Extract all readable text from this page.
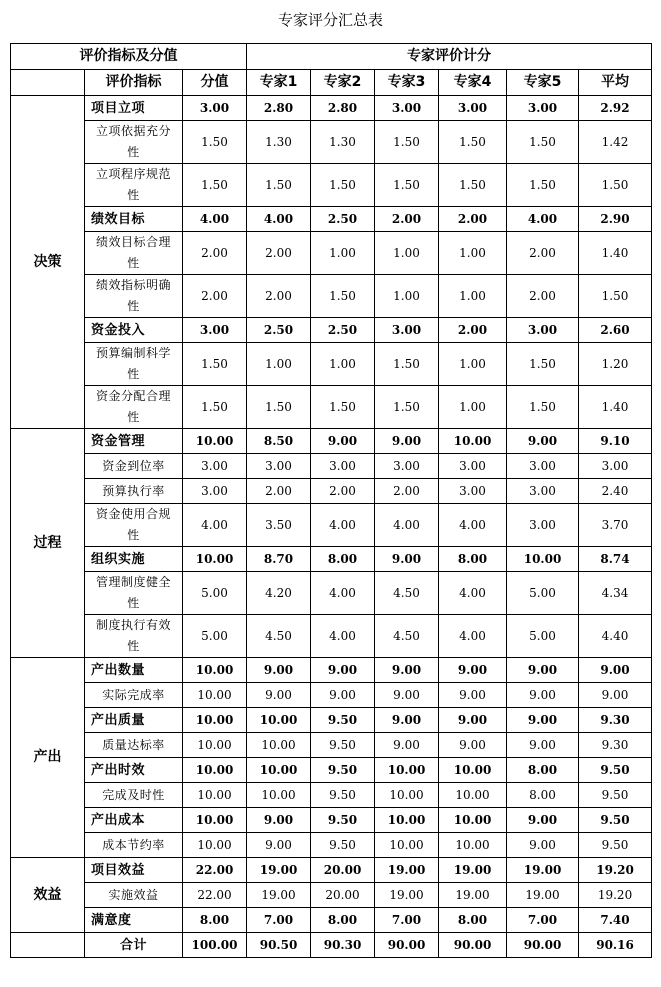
专家评分汇总表
评价指标及分值			专家评价计分					
	评价指标	分值	专家1	专家2	专家3	专家4	专家5	平均
决策	项目立项	3.00	2.80	2.80	3.00	3.00	3.00	2.92
	立项依据充分性	1.50	1.30	1.30	1.50	1.50	1.50	1.42
	立项程序规范性	1.50	1.50	1.50	1.50	1.50	1.50	1.50
	绩效目标	4.00	4.00	2.50	2.00	2.00	4.00	2.90
	绩效目标合理性	2.00	2.00	1.00	1.00	1.00	2.00	1.40
	绩效指标明确性	2.00	2.00	1.50	1.00	1.00	2.00	1.50
	资金投入	3.00	2.50	2.50	3.00	2.00	3.00	2.60
	预算编制科学性	1.50	1.00	1.00	1.50	1.00	1.50	1.20
	资金分配合理性	1.50	1.50	1.50	1.50	1.00	1.50	1.40
过程	资金管理	10.00	8.50	9.00	9.00	10.00	9.00	9.10
	资金到位率	3.00	3.00	3.00	3.00	3.00	3.00	3.00
	预算执行率	3.00	2.00	2.00	2.00	3.00	3.00	2.40
	资金使用合规性	4.00	3.50	4.00	4.00	4.00	3.00	3.70
	组织实施	10.00	8.70	8.00	9.00	8.00	10.00	8.74
	管理制度健全性	5.00	4.20	4.00	4.50	4.00	5.00	4.34
	制度执行有效性	5.00	4.50	4.00	4.50	4.00	5.00	4.40
产出	产出数量	10.00	9.00	9.00	9.00	9.00	9.00	9.00
	实际完成率	10.00	9.00	9.00	9.00	9.00	9.00	9.00
	产出质量	10.00	10.00	9.50	9.00	9.00	9.00	9.30
	质量达标率	10.00	10.00	9.50	9.00	9.00	9.00	9.30
	产出时效	10.00	10.00	9.50	10.00	10.00	8.00	9.50
	完成及时性	10.00	10.00	9.50	10.00	10.00	8.00	9.50
	产出成本	10.00	9.00	9.50	10.00	10.00	9.00	9.50
	成本节约率	10.00	9.00	9.50	10.00	10.00	9.00	9.50
效益	项目效益	22.00	19.00	20.00	19.00	19.00	19.00	19.20
	实施效益	22.00	19.00	20.00	19.00	19.00	19.00	19.20
	满意度	8.00	7.00	8.00	7.00	8.00	7.00	7.40
	合计	100.00	90.50	90.30	90.00	90.00	90.00	90.16
